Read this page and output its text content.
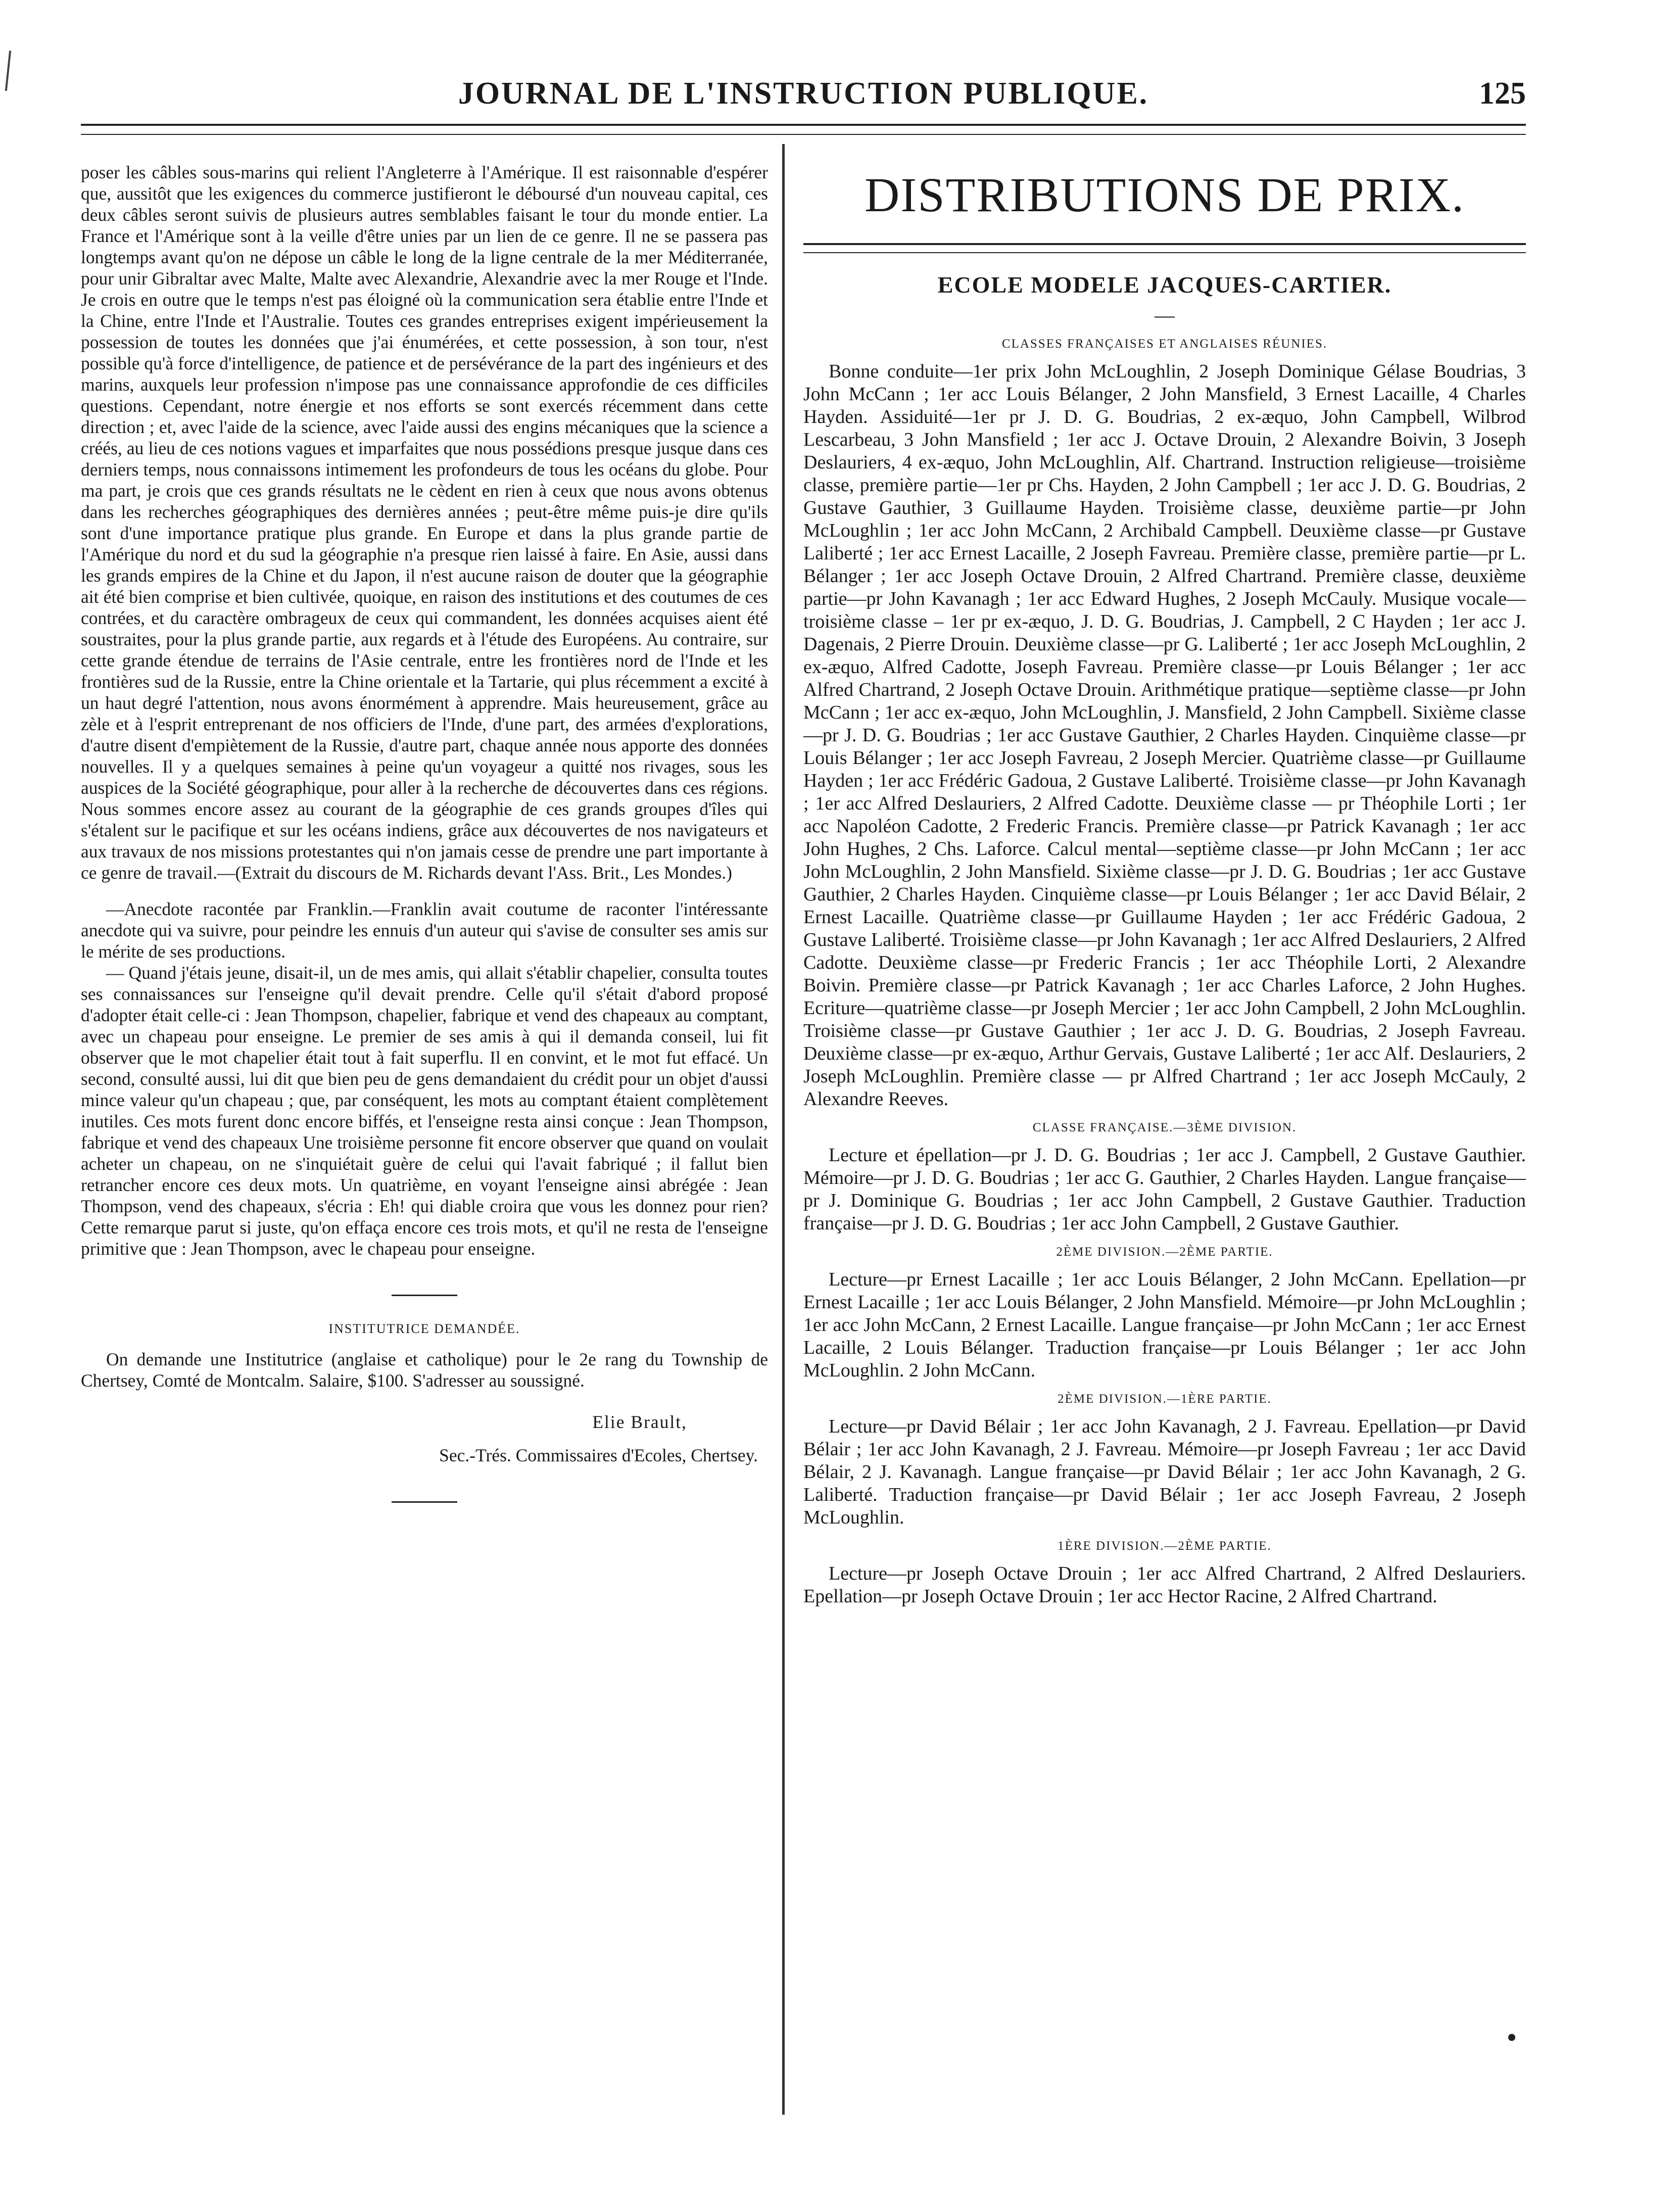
JOURNAL DE L'INSTRUCTION PUBLIQUE.	125

poser les câbles sous-marins qui relient l'Angleterre à l'Amérique. Il est raisonnable d'espérer que, aussitôt que les exigences du commerce justifieront le déboursé d'un nouveau capital, ces deux câbles seront suivis de plusieurs autres semblables faisant le tour du monde entier. La France et l'Amérique sont à la veille d'être unies par un lien de ce genre. Il ne se passera pas longtemps avant qu'on ne dépose un câble le long de la ligne centrale de la mer Méditerranée, pour unir Gibraltar avec Malte, Malte avec Alexandrie, Alexandrie avec la mer Rouge et l'Inde. Je crois en outre que le temps n'est pas éloigné où la communication sera établie entre l'Inde et la Chine, entre l'Inde et l'Australie. Toutes ces grandes entreprises exigent impérieusement la possession de toutes les données que j'ai énumérées, et cette possession, à son tour, n'est possible qu'à force d'intelligence, de patience et de persévérance de la part des ingénieurs et des marins, auxquels leur profession n'impose pas une connaissance approfondie de ces difficiles questions. Cependant, notre énergie et nos efforts se sont exercés récemment dans cette direction ; et, avec l'aide de la science, avec l'aide aussi des engins mécaniques que la science a créés, au lieu de ces notions vagues et imparfaites que nous possédions presque jusque dans ces derniers temps, nous connaissons intimement les profondeurs de tous les océans du globe. Pour ma part, je crois que ces grands résultats ne le cèdent en rien à ceux que nous avons obtenus dans les recherches géographiques des dernières années ; peut-être même puis-je dire qu'ils sont d'une importance pratique plus grande. En Europe et dans la plus grande partie de l'Amérique du nord et du sud la géographie n'a presque rien laissé à faire. En Asie, aussi dans les grands empires de la Chine et du Japon, il n'est aucune raison de douter que la géographie ait été bien comprise et bien cultivée, quoique, en raison des institutions et des coutumes de ces contrées, et du caractère ombrageux de ceux qui commandent, les données acquises aient été soustraites, pour la plus grande partie, aux regards et à l'étude des Européens. Au contraire, sur cette grande étendue de terrains de l'Asie centrale, entre les frontières nord de l'Inde et les frontières sud de la Russie, entre la Chine orientale et la Tartarie, qui plus récemment a excité à un haut degré l'attention, nous avons énormément à apprendre. Mais heureusement, grâce au zèle et à l'esprit entreprenant de nos officiers de l'Inde, d'une part, des armées d'explorations, d'autre disent d'empiètement de la Russie, d'autre part, chaque année nous apporte des données nouvelles. Il y a quelques semaines à peine qu'un voyageur a quitté nos rivages, sous les auspices de la Société géographique, pour aller à la recherche de découvertes dans ces régions. Nous sommes encore assez au courant de la géographie de ces grands groupes d'îles qui s'étalent sur le pacifique et sur les océans indiens, grâce aux découvertes de nos navigateurs et aux travaux de nos missions protestantes qui n'on jamais cesse de prendre une part importante à ce genre de travail.—(Extrait du discours de M. Richards devant l'Ass. Brit., Les Mondes.)

—Anecdote racontée par Franklin.—Franklin avait coutume de raconter l'intéressante anecdote qui va suivre, pour peindre les ennuis d'un auteur qui s'avise de consulter ses amis sur le mérite de ses productions.

— Quand j'étais jeune, disait-il, un de mes amis, qui allait s'établir chapelier, consulta toutes ses connaissances sur l'enseigne qu'il devait prendre. Celle qu'il s'était d'abord proposé d'adopter était celle-ci : Jean Thompson, chapelier, fabrique et vend des chapeaux au comptant, avec un chapeau pour enseigne. Le premier de ses amis à qui il demanda conseil, lui fit observer que le mot chapelier était tout à fait superflu. Il en convint, et le mot fut effacé. Un second, consulté aussi, lui dit que bien peu de gens demandaient du crédit pour un objet d'aussi mince valeur qu'un chapeau ; que, par conséquent, les mots au comptant étaient complètement inutiles. Ces mots furent donc encore biffés, et l'enseigne resta ainsi conçue : Jean Thompson, fabrique et vend des chapeaux Une troisième personne fit encore observer que quand on voulait acheter un chapeau, on ne s'inquiétait guère de celui qui l'avait fabriqué ; il fallut bien retrancher encore ces deux mots. Un quatrième, en voyant l'enseigne ainsi abrégée : Jean Thompson, vend des chapeaux, s'écria : Eh! qui diable croira que vous les donnez pour rien? Cette remarque parut si juste, qu'on effaça encore ces trois mots, et qu'il ne resta de l'enseigne primitive que : Jean Thompson, avec le chapeau pour enseigne.

INSTITUTRICE DEMANDÉE.

On demande une Institutrice (anglaise et catholique) pour le 2e rang du Township de Chertsey, Comté de Montcalm. Salaire, $100. S'adresser au soussigné.

Elie Brault,
Sec.-Trés. Commissaires d'Ecoles, Chertsey.
DISTRIBUTIONS DE PRIX.
ECOLE MODELE JACQUES-CARTIER.
—
CLASSES FRANÇAISES ET ANGLAISES RÉUNIES.

Bonne conduite—1er prix John McLoughlin, 2 Joseph Dominique Gélase Boudrias, 3 John McCann ; 1er acc Louis Bélanger, 2 John Mansfield, 3 Ernest Lacaille, 4 Charles Hayden. Assiduité—1er pr J. D. G. Boudrias, 2 ex-æquo, John Campbell, Wilbrod Lescarbeau, 3 John Mansfield ; 1er acc J. Octave Drouin, 2 Alexandre Boivin, 3 Joseph Deslauriers, 4 ex-æquo, John McLoughlin, Alf. Chartrand. Instruction religieuse—troisième classe, première partie—1er pr Chs. Hayden, 2 John Campbell ; 1er acc J. D. G. Boudrias, 2 Gustave Gauthier, 3 Guillaume Hayden. Troisième classe, deuxième partie—pr John McLoughlin ; 1er acc John McCann, 2 Archibald Campbell. Deuxième classe—pr Gustave Laliberté ; 1er acc Ernest Lacaille, 2 Joseph Favreau. Première classe, première partie—pr L. Bélanger ; 1er acc Joseph Octave Drouin, 2 Alfred Chartrand. Première classe, deuxième partie—pr John Kavanagh ; 1er acc Edward Hughes, 2 Joseph McCauly. Musique vocale—troisième classe – 1er pr ex-æquo, J. D. G. Boudrias, J. Campbell, 2 C Hayden ; 1er acc J. Dagenais, 2 Pierre Drouin. Deuxième classe—pr G. Laliberté ; 1er acc Joseph McLoughlin, 2 ex-æquo, Alfred Cadotte, Joseph Favreau. Première classe—pr Louis Bélanger ; 1er acc Alfred Chartrand, 2 Joseph Octave Drouin. Arithmétique pratique—septième classe—pr John McCann ; 1er acc ex-æquo, John McLoughlin, J. Mansfield, 2 John Campbell. Sixième classe—pr J. D. G. Boudrias ; 1er acc Gustave Gauthier, 2 Charles Hayden. Cinquième classe—pr Louis Bélanger ; 1er acc Joseph Favreau, 2 Joseph Mercier. Quatrième classe—pr Guillaume Hayden ; 1er acc Frédéric Gadoua, 2 Gustave Laliberté. Troisième classe—pr John Kavanagh ; 1er acc Alfred Deslauriers, 2 Alfred Cadotte. Deuxième classe — pr Théophile Lorti ; 1er acc Napoléon Cadotte, 2 Frederic Francis. Première classe—pr Patrick Kavanagh ; 1er acc John Hughes, 2 Chs. Laforce. Calcul mental—septième classe—pr John McCann ; 1er acc John McLoughlin, 2 John Mansfield. Sixième classe—pr J. D. G. Boudrias ; 1er acc Gustave Gauthier, 2 Charles Hayden. Cinquième classe—pr Louis Bélanger ; 1er acc David Bélair, 2 Ernest Lacaille. Quatrième classe—pr Guillaume Hayden ; 1er acc Frédéric Gadoua, 2 Gustave Laliberté. Troisième classe—pr John Kavanagh ; 1er acc Alfred Deslauriers, 2 Alfred Cadotte. Deuxième classe—pr Frederic Francis ; 1er acc Théophile Lorti, 2 Alexandre Boivin. Première classe—pr Patrick Kavanagh ; 1er acc Charles Laforce, 2 John Hughes. Ecriture—quatrième classe—pr Joseph Mercier ; 1er acc John Campbell, 2 John McLoughlin. Troisième classe—pr Gustave Gauthier ; 1er acc J. D. G. Boudrias, 2 Joseph Favreau. Deuxième classe—pr ex-æquo, Arthur Gervais, Gustave Laliberté ; 1er acc Alf. Deslauriers, 2 Joseph McLoughlin. Première classe — pr Alfred Chartrand ; 1er acc Joseph McCauly, 2 Alexandre Reeves.

CLASSE FRANÇAISE.—3ÈME DIVISION.

Lecture et épellation—pr J. D. G. Boudrias ; 1er acc J. Campbell, 2 Gustave Gauthier. Mémoire—pr J. D. G. Boudrias ; 1er acc G. Gauthier, 2 Charles Hayden. Langue française—pr J. Dominique G. Boudrias ; 1er acc John Campbell, 2 Gustave Gauthier. Traduction française—pr J. D. G. Boudrias ; 1er acc John Campbell, 2 Gustave Gauthier.

2ÈME DIVISION.—2ÈME PARTIE.

Lecture—pr Ernest Lacaille ; 1er acc Louis Bélanger, 2 John McCann. Epellation—pr Ernest Lacaille ; 1er acc Louis Bélanger, 2 John Mansfield. Mémoire—pr John McLoughlin ; 1er acc John McCann, 2 Ernest Lacaille. Langue française—pr John McCann ; 1er acc Ernest Lacaille, 2 Louis Bélanger. Traduction française—pr Louis Bélanger ; 1er acc John McLoughlin. 2 John McCann.

2ÈME DIVISION.—1ÈRE PARTIE.

Lecture—pr David Bélair ; 1er acc John Kavanagh, 2 J. Favreau. Epellation—pr David Bélair ; 1er acc John Kavanagh, 2 J. Favreau. Mémoire—pr Joseph Favreau ; 1er acc David Bélair, 2 J. Kavanagh. Langue française—pr David Bélair ; 1er acc John Kavanagh, 2 G. Laliberté. Traduction française—pr David Bélair ; 1er acc Joseph Favreau, 2 Joseph McLoughlin.

1ÈRE DIVISION.—2ÈME PARTIE.

Lecture—pr Joseph Octave Drouin ; 1er acc Alfred Chartrand, 2 Alfred Deslauriers. Epellation—pr Joseph Octave Drouin ; 1er acc Hector Racine, 2 Alfred Chartrand.
